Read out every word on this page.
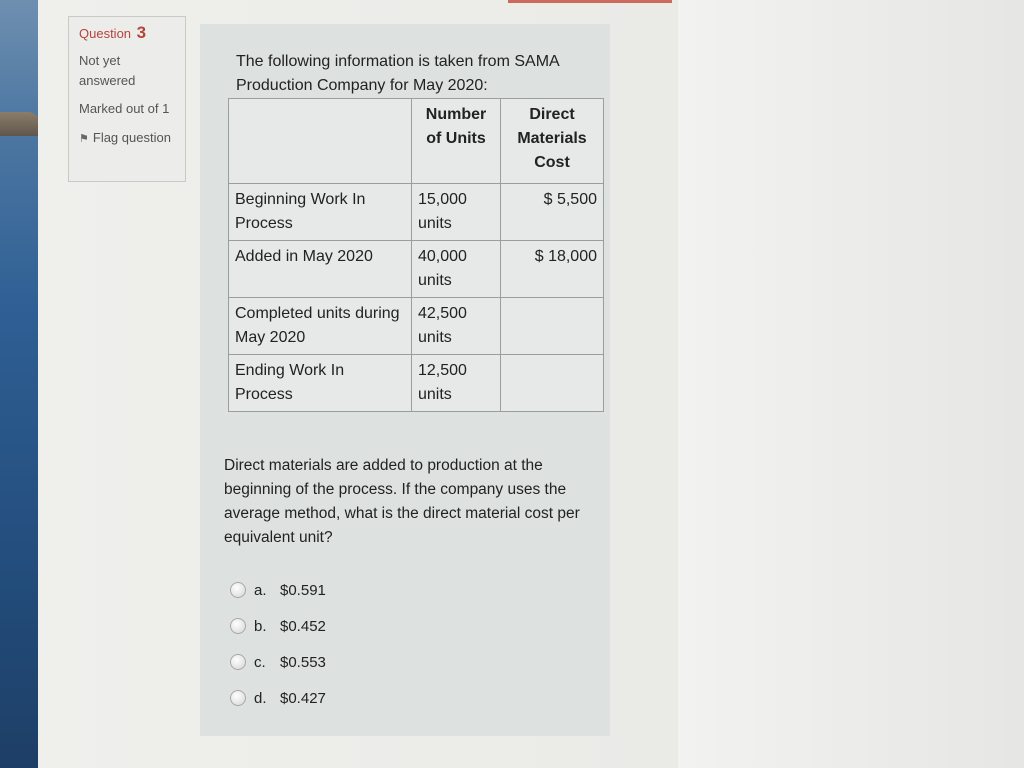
Question 3
Not yet answered
Marked out of 1
⚑ Flag question
The following information is taken from SAMA Production Company for May 2020:
	Number of Units	Direct Materials Cost
Beginning Work In Process	15,000 units	$ 5,500
Added in May 2020	40,000 units	$ 18,000
Completed units during May 2020	42,500 units	
Ending Work In Process	12,500 units	
Direct materials are added to production at the beginning of the process. If the company uses the average method, what is the direct material cost per equivalent unit?
a. $0.591
b. $0.452
c. $0.553
d. $0.427
